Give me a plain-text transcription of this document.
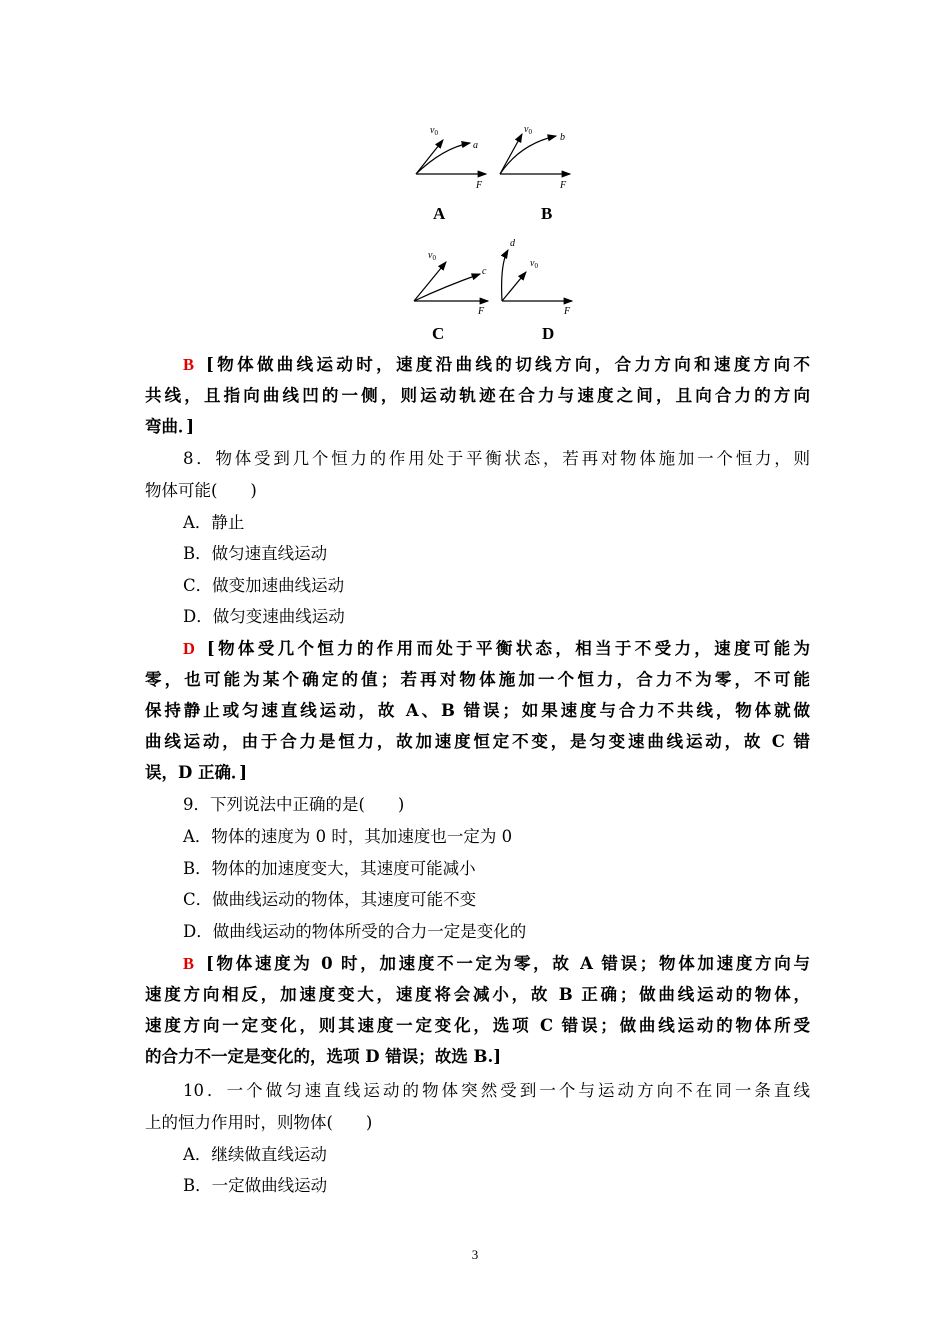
$v_0$
a
F
A
$v_0$	b
F
B
$v_0$
c
F
C
d
$v_0$
F
D
B [物体做曲线运动时，速度沿曲线的切线方向，合力方向和速度方向不
共线，且指向曲线凹的一侧，则运动轨迹在合力与速度之间，且向合力的方向
弯曲．]
8．物体受到几个恒力的作用处于平衡状态，若再对物体施加一个恒力，则
物体可能(　　)
A．静止
B．做匀速直线运动
C．做变加速曲线运动
D．做匀变速曲线运动
D [物体受几个恒力的作用而处于平衡状态，相当于不受力，速度可能为
零，也可能为某个确定的值；若再对物体施加一个恒力，合力不为零，不可能
保持静止或匀速直线运动，故 A、B 错误；如果速度与合力不共线，物体就做
曲线运动，由于合力是恒力，故加速度恒定不变，是匀变速曲线运动，故 C 错
误，D 正确．]
9．下列说法中正确的是(　　)
A．物体的速度为 0 时，其加速度也一定为 0
B．物体的加速度变大，其速度可能减小
C．做曲线运动的物体，其速度可能不变
D．做曲线运动的物体所受的合力一定是变化的
B [物体速度为 0 时，加速度不一定为零，故 A 错误；物体加速度方向与
速度方向相反，加速度变大，速度将会减小，故 B 正确；做曲线运动的物体，
速度方向一定变化，则其速度一定变化，选项 C 错误；做曲线运动的物体所受
的合力不一定是变化的，选项 D 错误；故选 B.]
10．一个做匀速直线运动的物体突然受到一个与运动方向不在同一条直线
上的恒力作用时，则物体(　　)
A．继续做直线运动
B．一定做曲线运动
3
